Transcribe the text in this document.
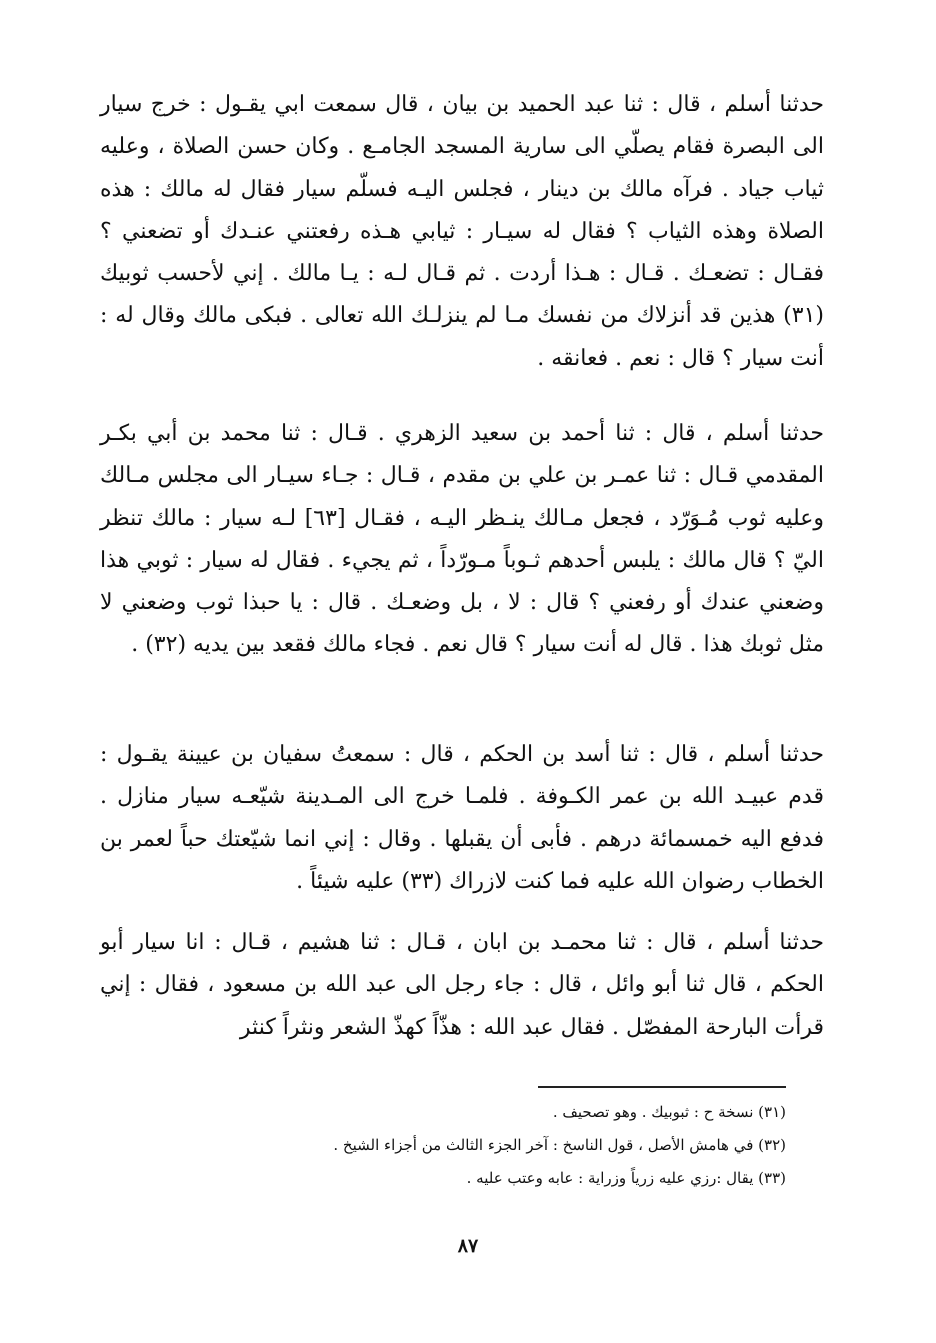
حدثنا أسلم ، قال : ثنا عبد الحميد بن بيان ، قال سمعت ابي يقـول : خرج سيار الى البصرة فقام يصلّي الى سارية المسجد الجامـع . وكان حسن الصلاة ، وعليه ثياب جياد . فرآه مالك بن دينار ، فجلس اليـه فسلّم سيار فقال له مالك : هذه الصلاة وهذه الثياب ؟ فقال له سيـار : ثيابي هـذه رفعتني عنـدك أو تضعني ؟ فقـال : تضعـك . قـال : هـذا أردت . ثم قـال لـه : يـا مالك . إني لأحسب ثوبيك (٣١) هذين قد أنزلاك من نفسك مـا لم ينزلـك الله تعالى . فبكى مالك وقال له : أنت سيار ؟ قال : نعم . فعانقه .

حدثنا أسلم ، قال : ثنا أحمد بن سعيد الزهري . قـال : ثنا محمد بن أبي بكـر المقدمي قـال : ثنا عمـر بن علي بن مقدم ، قـال : جـاء سيـار الى مجلس مـالك وعليه ثوب مُـوَرّد ، فجعل مـالك ينـظر اليـه ، فقـال [٦٣] لـه سيار : مالك تنظر اليّ ؟ قال مالك : يلبس أحدهم ثـوباً مـورّداً ، ثم يجيء . فقال له سيار : ثوبي هذا وضعني عندك أو رفعني ؟ قال : لا ، بل وضعـك . قال : يا حبذا ثوب وضعني لا مثل ثوبك هذا . قال له أنت سيار ؟ قال نعم . فجاء مالك فقعد بين يديه (٣٢) .

حدثنا أسلم ، قال : ثنا أسد بن الحكم ، قال : سمعتُ سفيان بن عيينة يقـول : قدم عبيـد الله بن عمر الكـوفة . فلمـا خرج الى المـدينة شيّعـه سيار منازل . فدفع اليه خمسمائة درهم . فأبى أن يقبلها . وقال : إني انما شيّعتك حباً لعمر بن الخطاب رضوان الله عليه فما كنت لازراك (٣٣) عليه شيئاً .

حدثنا أسلم ، قال : ثنا محمـد بن ابان ، قـال : ثنا هشيم ، قـال : انا سيار أبو الحكم ، قال ثنا أبو وائل ، قال : جاء رجل الى عبد الله بن مسعود ، فقال : إني قرأت البارحة المفصّل . فقال عبد الله : هذّاً كهذّ الشعر ونثراً كنثر

(٣١) نسخة ح : ثبوبيك . وهو تصحيف .

(٣٢) في هامش الأصل ، قول الناسخ : آخر الجزء الثالث من أجزاء الشيخ .

(٣٣) يقال :رزي عليه زرياً وزراية : عابه وعتب عليه .

٨٧
